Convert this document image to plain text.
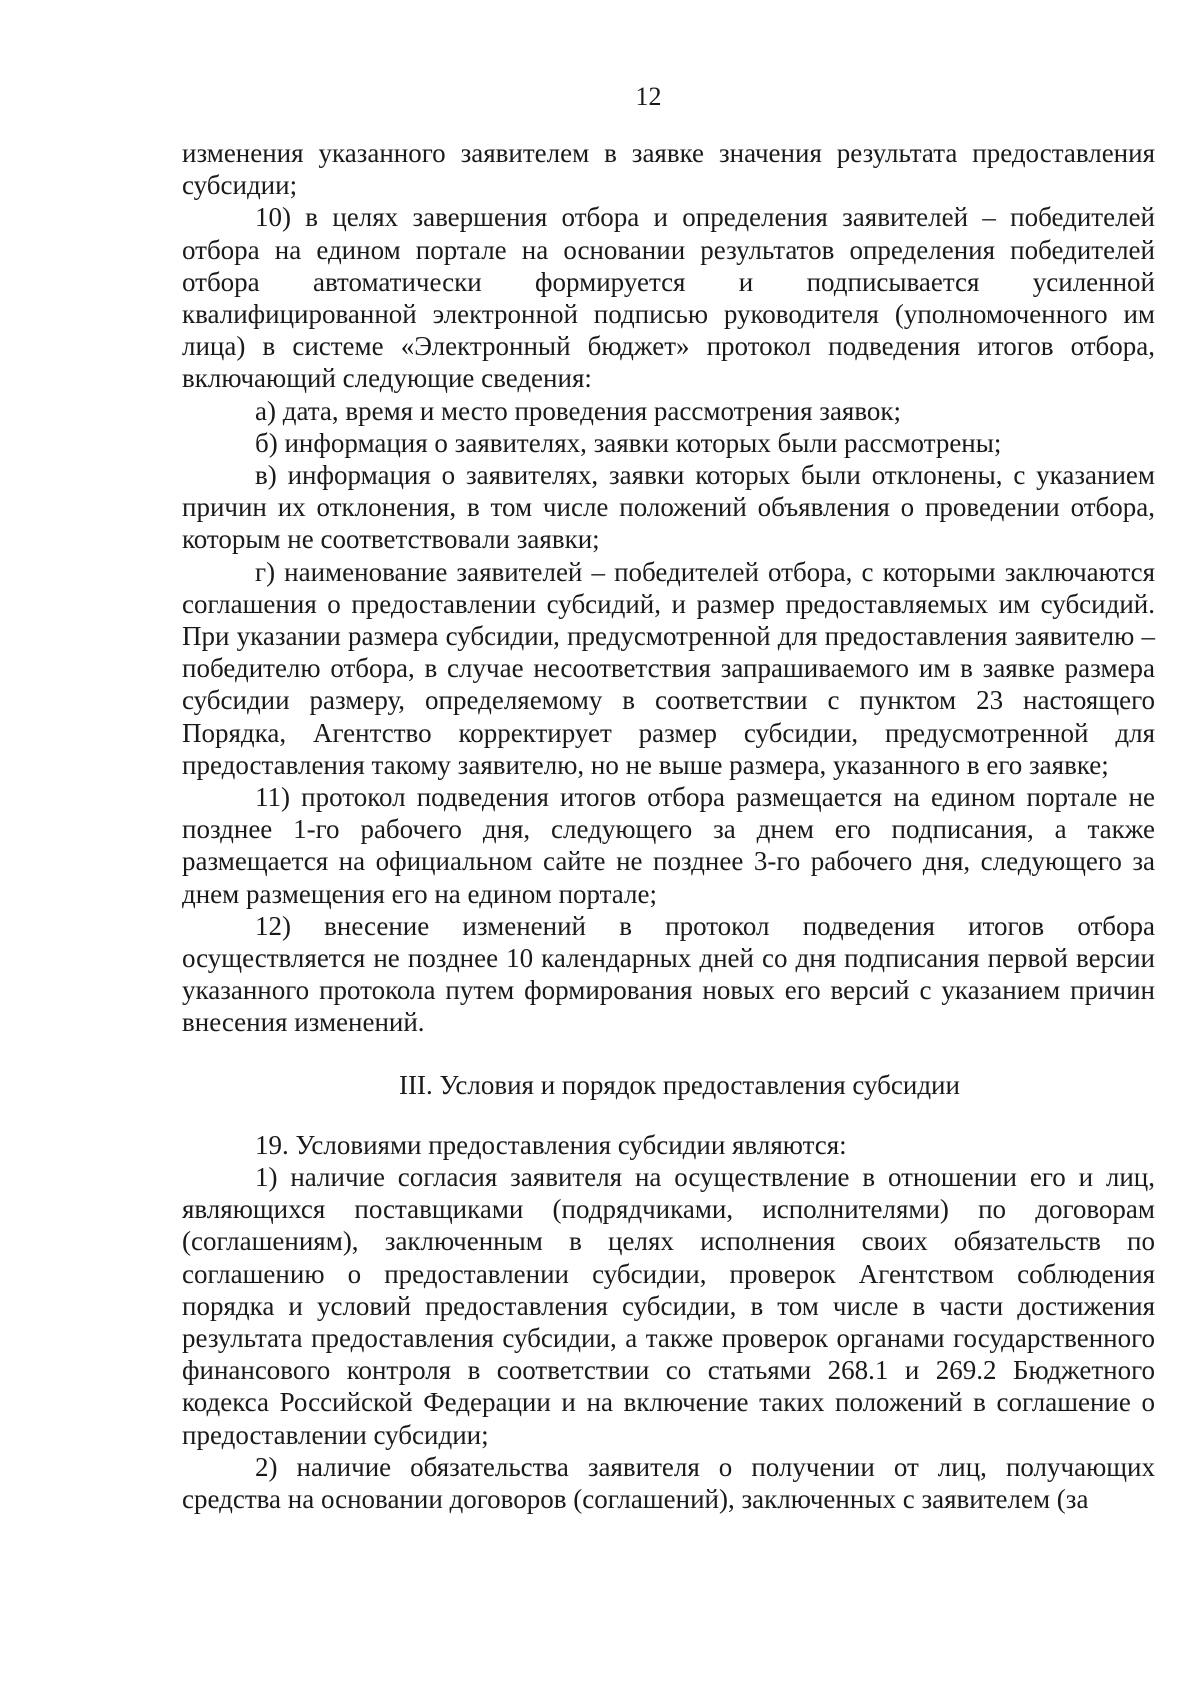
12

изменения указанного заявителем в заявке значения результата предоставления субсидии;

10) в целях завершения отбора и определения заявителей – победителей отбора на едином портале на основании результатов определения победителей отбора автоматически формируется и подписывается усиленной квалифицированной электронной подписью руководителя (уполномоченного им лица) в системе «Электронный бюджет» протокол подведения итогов отбора, включающий следующие сведения:

а) дата, время и место проведения рассмотрения заявок;

б) информация о заявителях, заявки которых были рассмотрены;

в) информация о заявителях, заявки которых были отклонены, с указанием причин их отклонения, в том числе положений объявления о проведении отбора, которым не соответствовали заявки;

г) наименование заявителей – победителей отбора, с которыми заключаются соглашения о предоставлении субсидий, и размер предоставляемых им субсидий. При указании размера субсидии, предусмотренной для предоставления заявителю – победителю отбора, в случае несоответствия запрашиваемого им в заявке размера субсидии размеру, определяемому в соответствии с пунктом 23 настоящего Порядка, Агентство корректирует размер субсидии, предусмотренной для предоставления такому заявителю, но не выше размера, указанного в его заявке;

11) протокол подведения итогов отбора размещается на едином портале не позднее 1-го рабочего дня, следующего за днем его подписания, а также размещается на официальном сайте не позднее 3-го рабочего дня, следующего за днем размещения его на едином портале;

12) внесение изменений в протокол подведения итогов отбора осуществляется не позднее 10 календарных дней со дня подписания первой версии указанного протокола путем формирования новых его версий с указанием причин внесения изменений.

III. Условия и порядок предоставления субсидии

19. Условиями предоставления субсидии являются:

1) наличие согласия заявителя на осуществление в отношении его и лиц, являющихся поставщиками (подрядчиками, исполнителями) по договорам (соглашениям), заключенным в целях исполнения своих обязательств по соглашению о предоставлении субсидии, проверок Агентством соблюдения порядка и условий предоставления субсидии, в том числе в части достижения результата предоставления субсидии, а также проверок органами государственного финансового контроля в соответствии со статьями 268.1 и 269.2 Бюджетного кодекса Российской Федерации и на включение таких положений в соглашение о предоставлении субсидии;

2) наличие обязательства заявителя о получении от лиц, получающих средства на основании договоров (соглашений), заключенных с заявителем (за
